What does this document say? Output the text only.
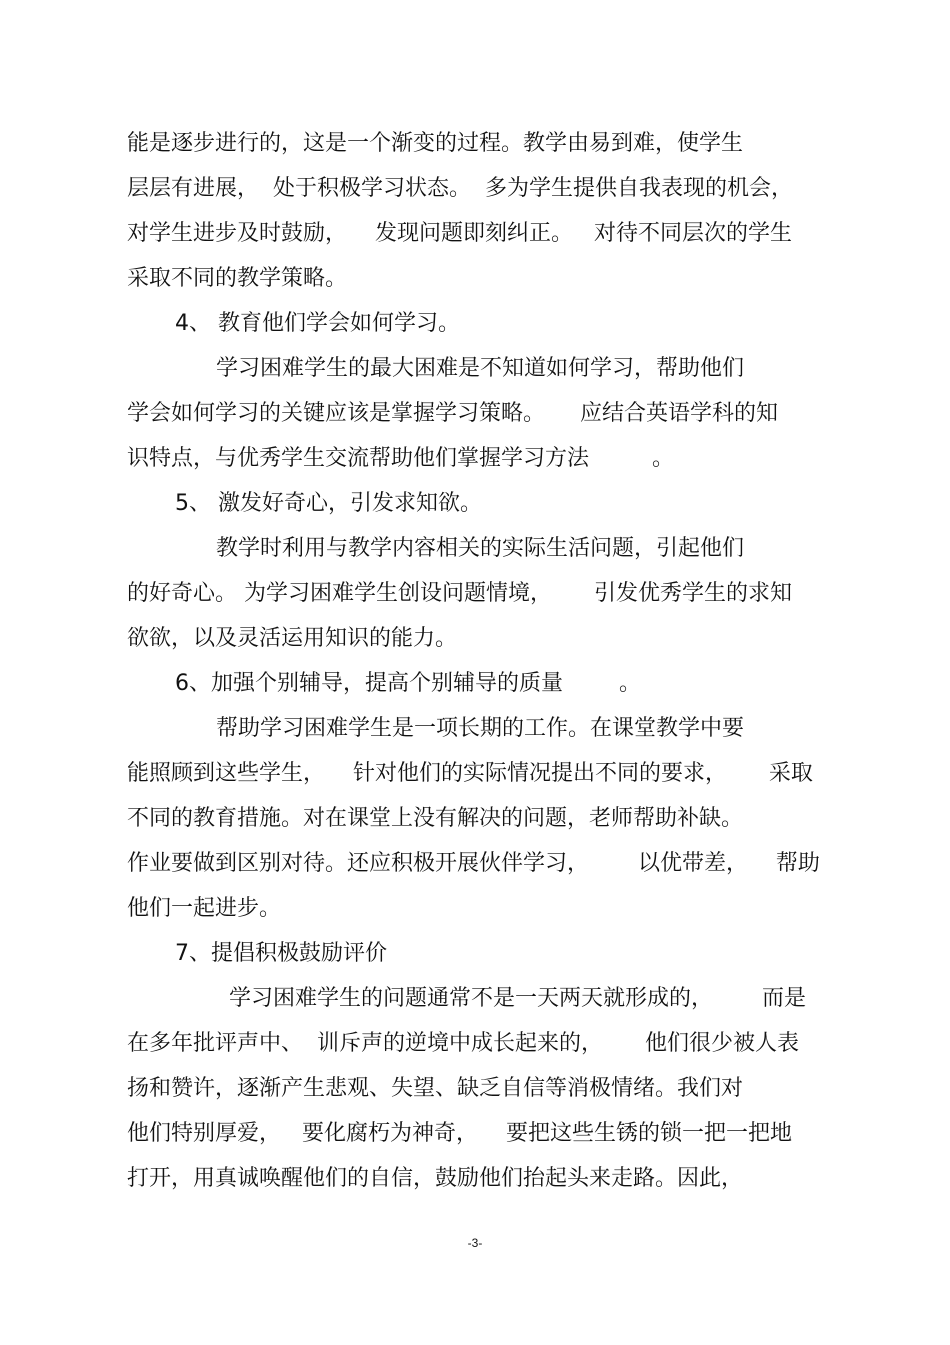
能是逐步进行的，这是一个渐变的过程。教学由易到难，使学生
层层有进展，  处于积极学习状态。  多为学生提供自我表现的机会，
对学生进步及时鼓励，    发现问题即刻纠正。   对待不同层次的学生
采取不同的教学策略。
4、 教育他们学会如何学习。
学习困难学生的最大困难是不知道如何学习，帮助他们
学会如何学习的关键应该是掌握学习策略。     应结合英语学科的知
识特点，与优秀学生交流帮助他们掌握学习方法         。
5、 激发好奇心，引发求知欲。
教学时利用与教学内容相关的实际生活问题，引起他们
的好奇心。 为学习困难学生创设问题情境，      引发优秀学生的求知
欲欲，以及灵活运用知识的能力。
6、加强个别辅导，提高个别辅导的质量        。
帮助学习困难学生是一项长期的工作。在课堂教学中要
能照顾到这些学生，    针对他们的实际情况提出不同的要求，      采取
不同的教育措施。对在课堂上没有解决的问题，老师帮助补缺。
作业要做到区别对待。还应积极开展伙伴学习，       以优带差，    帮助
他们一起进步。
7、提倡积极鼓励评价
学习困难学生的问题通常不是一天两天就形成的，       而是
在多年批评声中、  训斥声的逆境中成长起来的，      他们很少被人表
扬和赞许，逐渐产生悲观、失望、缺乏自信等消极情绪。我们对
他们特别厚爱，   要化腐朽为神奇，    要把这些生锈的锁一把一把地
打开，用真诚唤醒他们的自信，鼓励他们抬起头来走路。因此，
-3-
